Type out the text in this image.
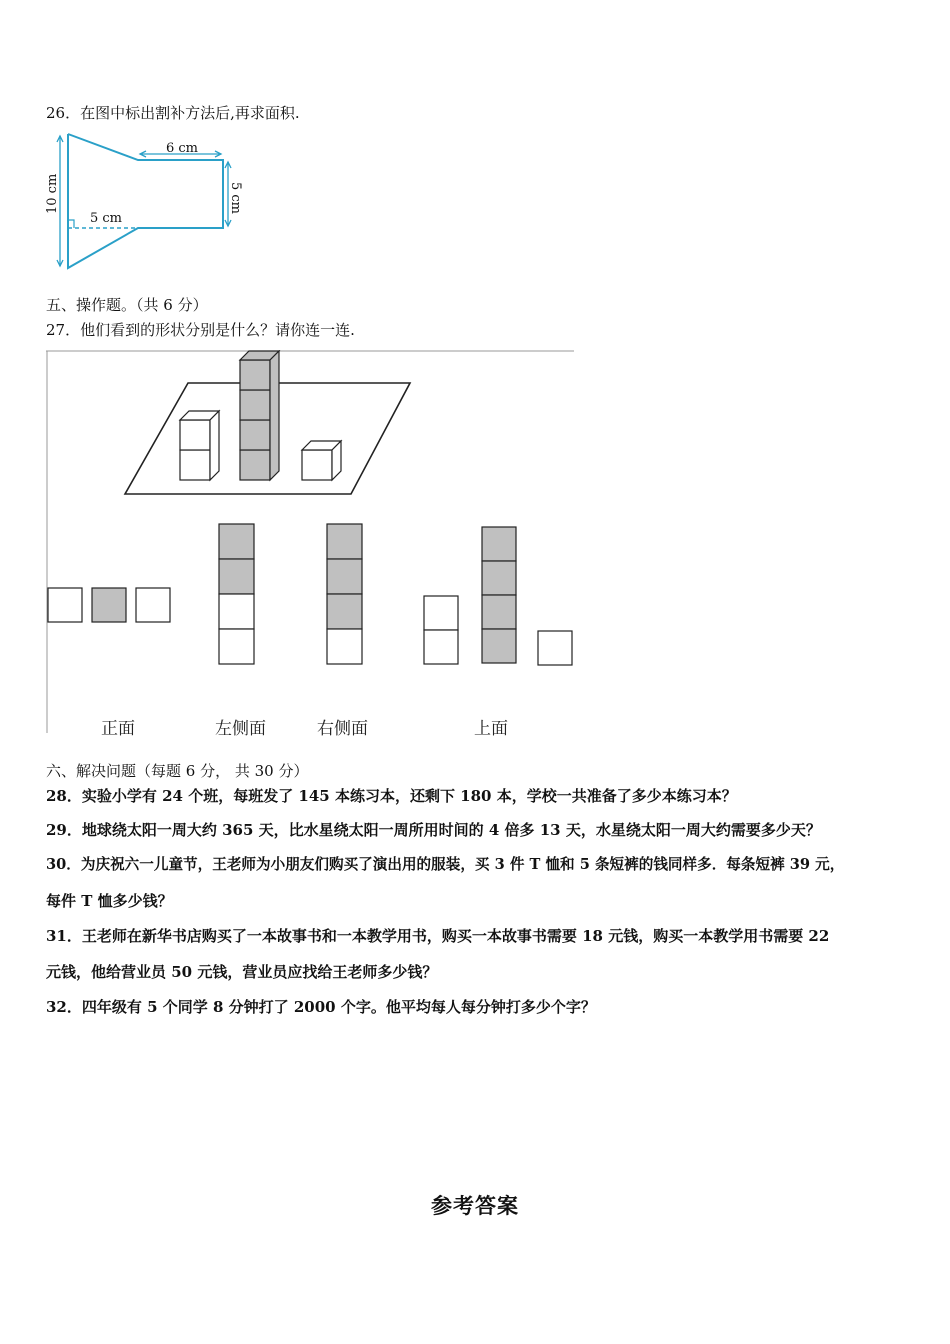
26．在图中标出割补方法后,再求面积.
6 cm
5 cm
10 cm	5 cm
五、操作题。（共 6 分）
27．他们看到的形状分别是什么？请你连一连.
正面	左侧面	右侧面	上面
六、解决问题（每题 6 分， 共 30 分）
28．实验小学有 24 个班，每班发了 145 本练习本，还剩下 180 本，学校一共准备了多少本练习本？
29．地球绕太阳一周大约 365 天，比水星绕太阳一周所用时间的 4 倍多 13 天，水星绕太阳一周大约需要多少天？
30．为庆祝六一儿童节，王老师为小朋友们购买了演出用的服装，买 3 件 T 恤和 5 条短裤的钱同样多．每条短裤 39 元，
每件 T 恤多少钱？
31．王老师在新华书店购买了一本故事书和一本教学用书，购买一本故事书需要 18 元钱，购买一本教学用书需要 22
元钱，他给营业员 50 元钱，营业员应找给王老师多少钱？
32．四年级有 5 个同学 8 分钟打了 2000 个字。他平均每人每分钟打多少个字？
参考答案
